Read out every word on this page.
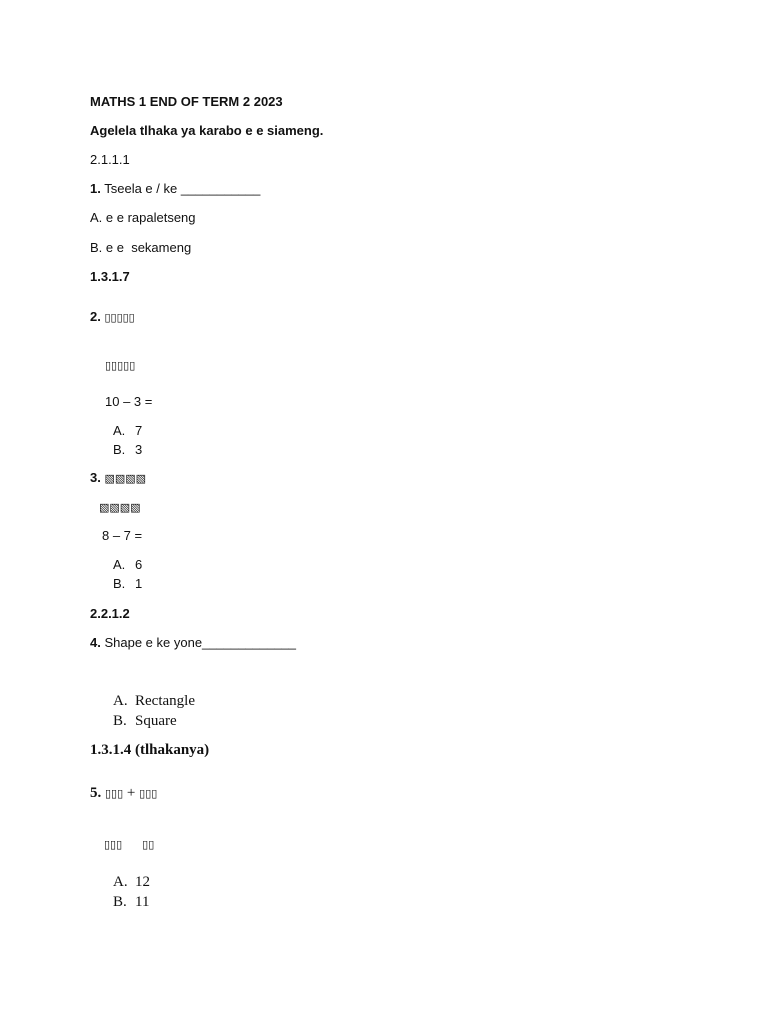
MATHS 1 END OF TERM 2 2023
Agelela tlhaka ya karabo e e siameng.
2.1.1.1
1. Tseela e / ke ___________
A. e e rapaletseng
B. e e  sekameng
1.3.1.7
2. ▯▯▯▯▯
▯▯▯▯▯
10 – 3 =
A. 7
B. 3
3. ▧▧▧▧
▧▧▧▧
8 – 7 =
A. 6
B. 1
2.2.1.2
4. Shape e ke yone_____________
A. Rectangle
B. Square
1.3.1.4 (tlhakanya)
5. ▯▯▯ + ▯▯▯
▯▯▯ ▯▯
A. 12
B. 11
